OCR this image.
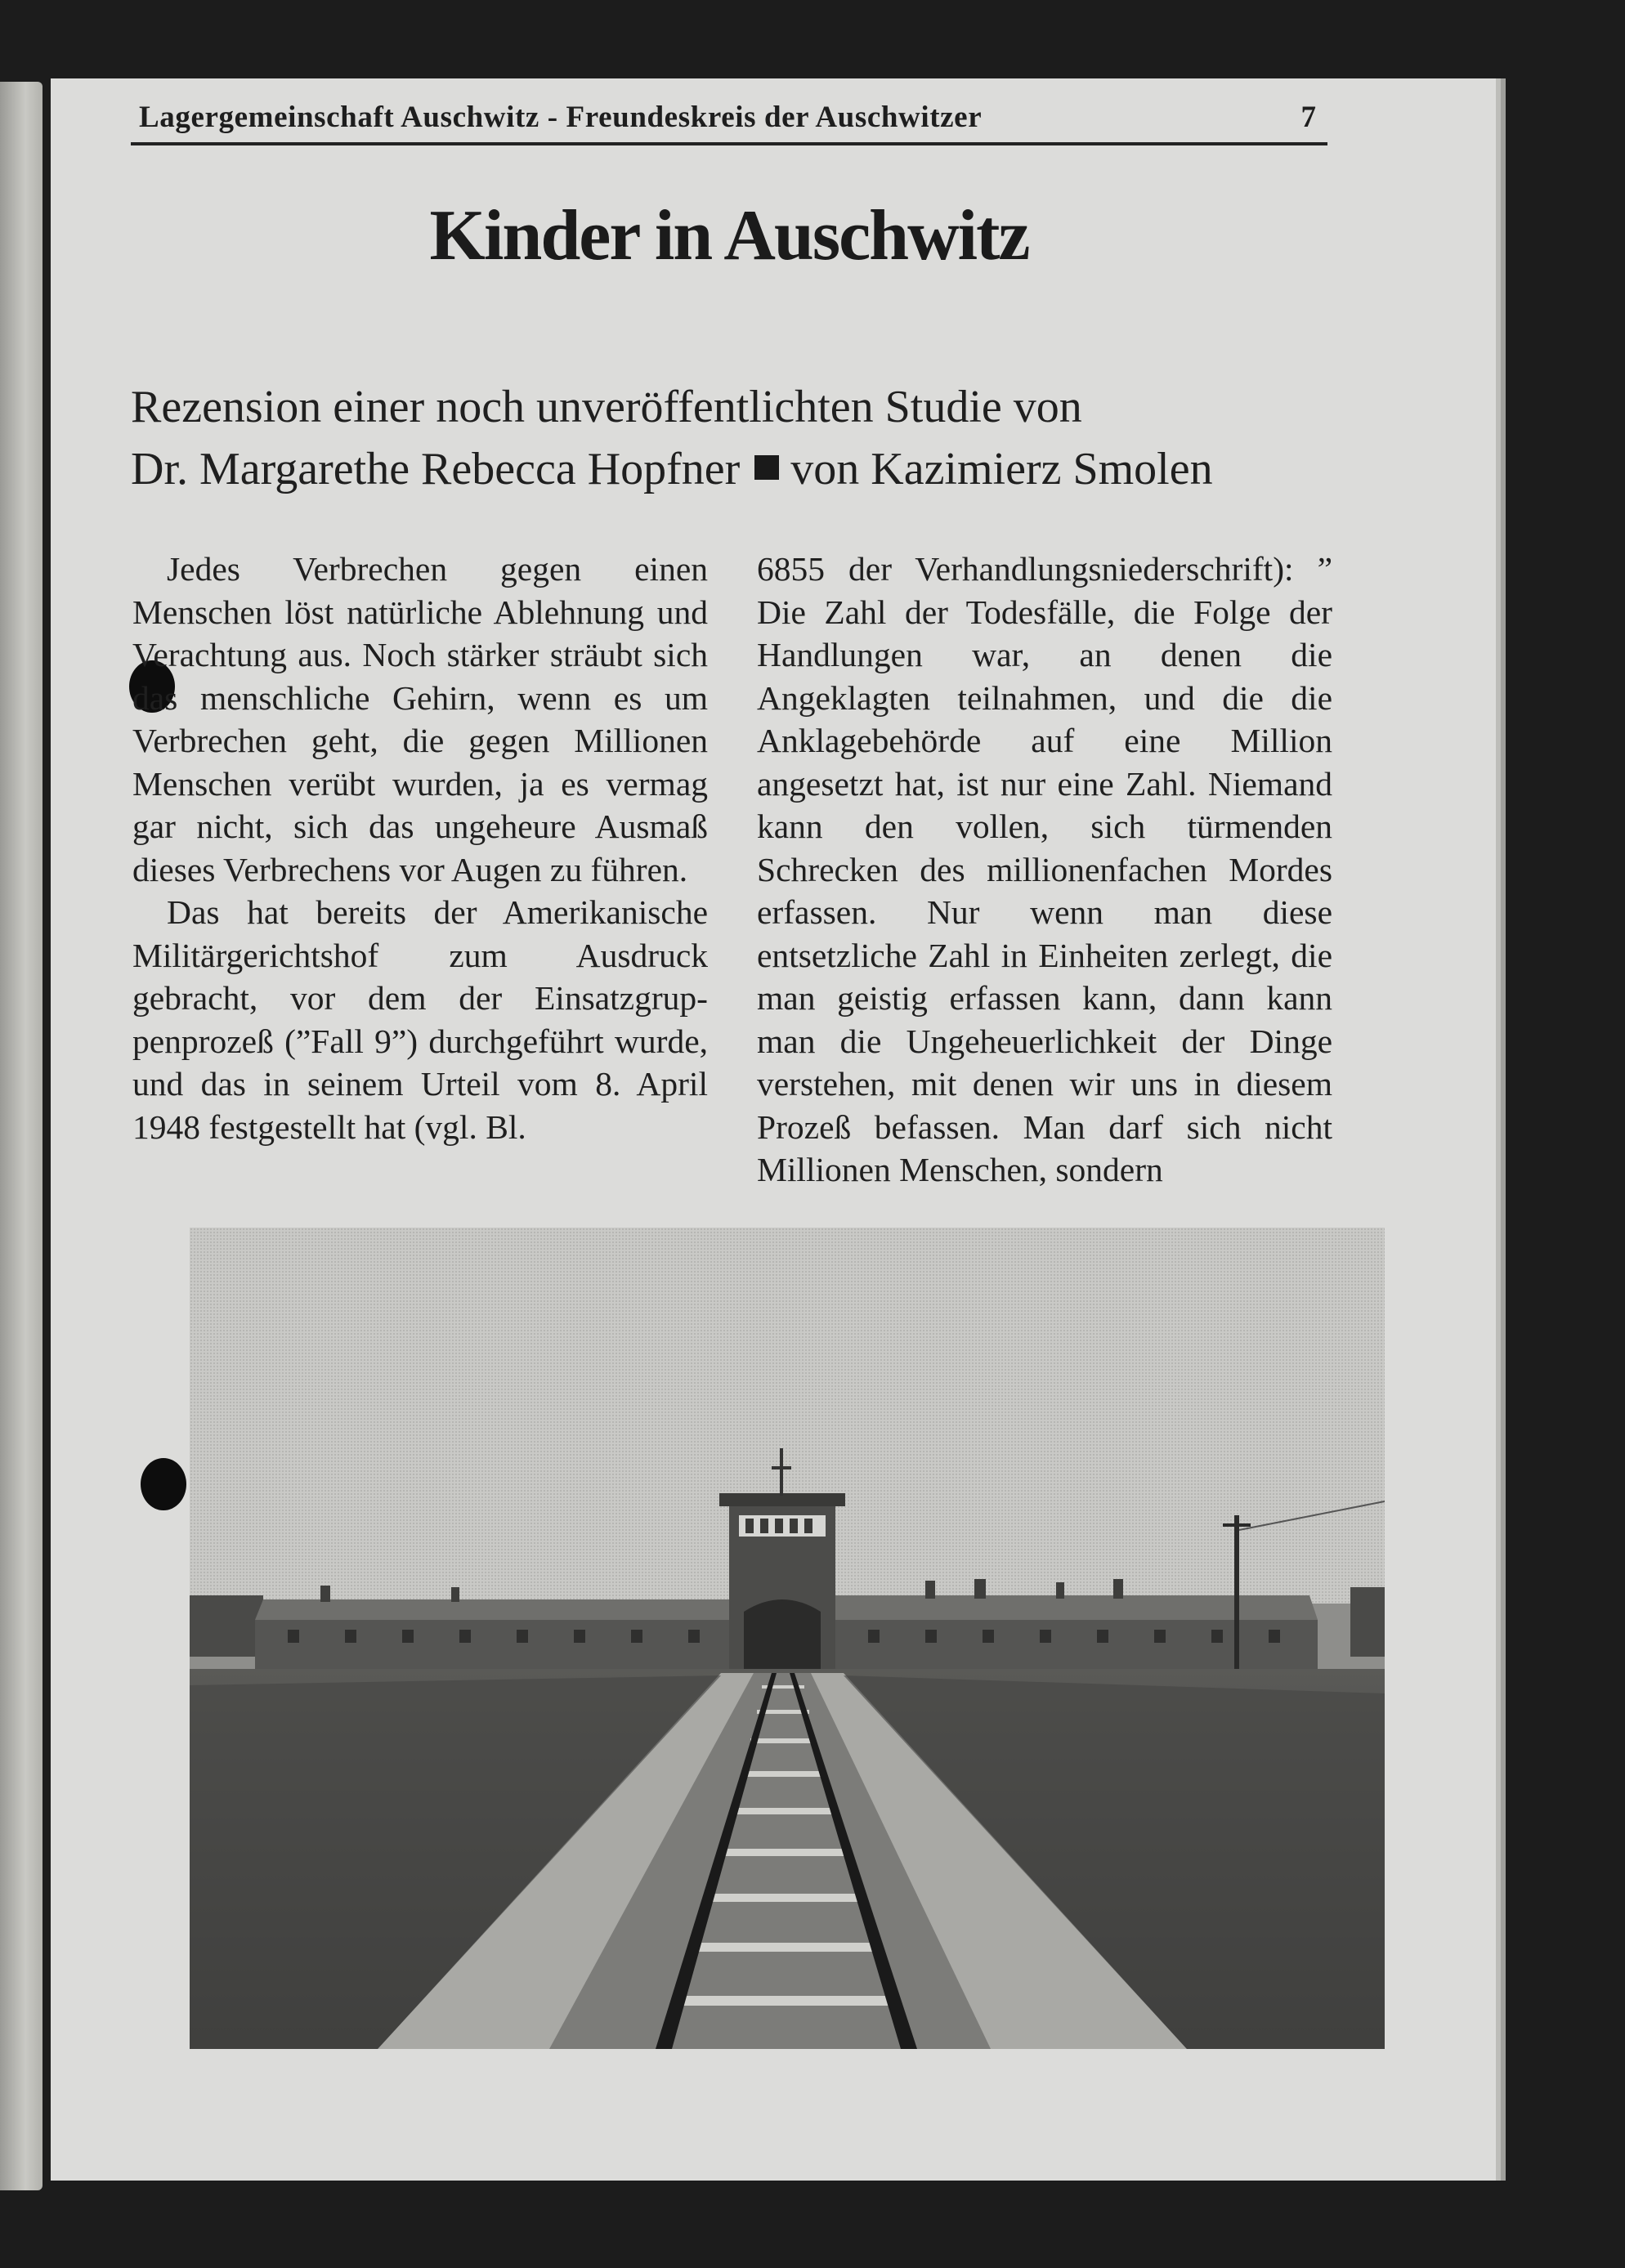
Lagergemeinschaft Auschwitz - Freundeskreis der Auschwitzer	7
Kinder in Auschwitz
Rezension einer noch unveröffentlichten Studie von
Dr. Margarethe Rebecca Hopfner von Kazimierz Smolen

Jedes Verbrechen gegen einen Menschen löst natürliche Ablehnung und Verachtung aus. Noch stärker sträubt sich das menschliche Gehirn, wenn es um Verbrechen geht, die gegen Millionen Menschen verübt wurden, ja es vermag gar nicht, sich das ungeheure Ausmaß dieses Verbrechens vor Augen zu führen.

Das hat bereits der Amerikanische Militärgerichtshof zum Ausdruck gebracht, vor dem der Einsatzgruppenprozeß (”Fall 9”) durchgeführt wurde, und das in seinem Urteil vom 8. April 1948 festgestellt hat (vgl. Bl.

6855 der Verhandlungsniederschrift): ” Die Zahl der Todesfälle, die Folge der Handlungen war, an denen die Angeklagten teilnahmen, und die die Anklagebehörde auf eine Million angesetzt hat, ist nur eine Zahl. Niemand kann den vollen, sich türmenden Schrecken des millionenfachen Mordes erfassen. Nur wenn man diese entsetzliche Zahl in Einheiten zerlegt, die man geistig erfassen kann, dann kann man die Ungeheuerlichkeit der Dinge verstehen, mit denen wir uns in diesem Prozeß befassen. Man darf sich nicht Millionen Menschen, sondern
